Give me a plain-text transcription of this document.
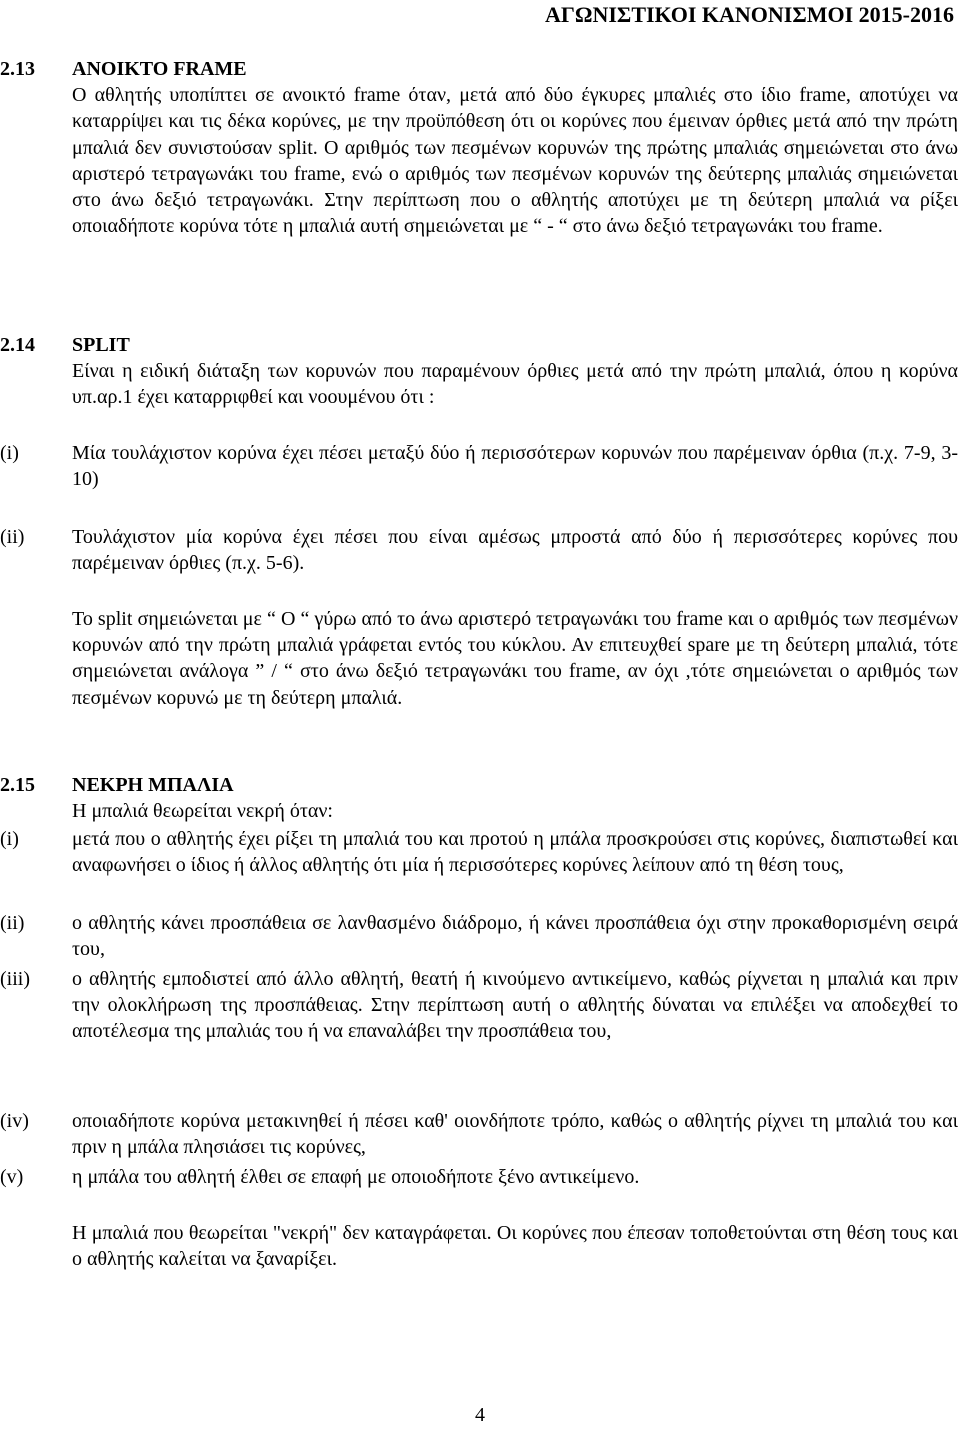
ΑΓΩΝΙΣΤΙΚΟΙ ΚΑΝΟΝΙΣΜΟΙ 2015-2016
2.13 ΑΝΟΙΚΤΟ FRAME
Ο αθλητής υποπίπτει σε ανοικτό frame όταν, μετά από δύο έγκυρες μπαλιές στο ίδιο frame, αποτύχει να καταρρίψει και τις δέκα κορύνες, με την προϋπόθεση ότι οι κορύνες που έμειναν όρθιες μετά από την πρώτη μπαλιά δεν συνιστούσαν split. Ο αριθμός των πεσμένων κορυνών της πρώτης μπαλιάς σημειώνεται στο άνω αριστερό τετραγωνάκι του frame, ενώ ο αριθμός των πεσμένων κορυνών της δεύτερης μπαλιάς σημειώνεται στο άνω δεξιό τετραγωνάκι. Στην περίπτωση που ο αθλητής αποτύχει με τη δεύτερη μπαλιά να ρίξει οποιαδήποτε κορύνα τότε η μπαλιά αυτή σημειώνεται με “ - “ στο άνω δεξιό τετραγωνάκι του frame.
2.14 SPLIT
Είναι η ειδική διάταξη των κορυνών που παραμένουν όρθιες μετά από την πρώτη μπαλιά, όπου η κορύνα υπ.αρ.1 έχει καταρριφθεί και νοουμένου ότι :
(i)	Μία τουλάχιστον κορύνα έχει πέσει μεταξύ δύο ή περισσότερων κορυνών που παρέμειναν όρθια (π.χ. 7-9, 3-10)
(ii) Τουλάχιστον μία κορύνα έχει πέσει που είναι αμέσως μπροστά από δύο ή περισσότερες κορύνες που παρέμειναν όρθιες (π.χ. 5-6).
Το split σημειώνεται με “ Ο “ γύρω από το άνω αριστερό τετραγωνάκι του frame και ο αριθμός των πεσμένων κορυνών από την πρώτη μπαλιά γράφεται εντός του κύκλου. Αν επιτευχθεί spare με τη δεύτερη μπαλιά, τότε σημειώνεται ανάλογα ” / “ στο άνω δεξιό τετραγωνάκι του frame, αν όχι ,τότε σημειώνεται ο αριθμός των πεσμένων κορυνώ με τη δεύτερη μπαλιά.
2.15 ΝΕΚΡΗ ΜΠΑΛΙΑ
Η μπαλιά θεωρείται νεκρή όταν:
(i)	μετά που ο αθλητής έχει ρίξει τη μπαλιά του και προτού η μπάλα προσκρούσει στις κορύνες, διαπιστωθεί και αναφωνήσει ο ίδιος ή άλλος αθλητής ότι μία ή περισσότερες κορύνες λείπουν από τη θέση τους,
(ii) ο αθλητής κάνει προσπάθεια σε λανθασμένο διάδρομο, ή κάνει προσπάθεια όχι στην προκαθορισμένη σειρά του,
(iii) ο αθλητής εμποδιστεί από άλλο αθλητή, θεατή ή κινούμενο αντικείμενο, καθώς ρίχνεται η μπαλιά και πριν την ολοκλήρωση της προσπάθειας. Στην περίπτωση αυτή ο αθλητής δύναται να επιλέξει να αποδεχθεί το αποτέλεσμα της μπαλιάς του ή να επαναλάβει την προσπάθεια του,
(iv) οποιαδήποτε κορύνα μετακινηθεί ή πέσει καθ' οιονδήποτε τρόπο, καθώς ο αθλητής ρίχνει τη μπαλιά του και πριν η μπάλα πλησιάσει τις κορύνες,
(v) η μπάλα του αθλητή έλθει σε επαφή με οποιοδήποτε ξένο αντικείμενο.
Η μπαλιά που θεωρείται "νεκρή" δεν καταγράφεται. Οι κορύνες που έπεσαν τοποθετούνται στη θέση τους και ο αθλητής καλείται να ξαναρίξει.
4
